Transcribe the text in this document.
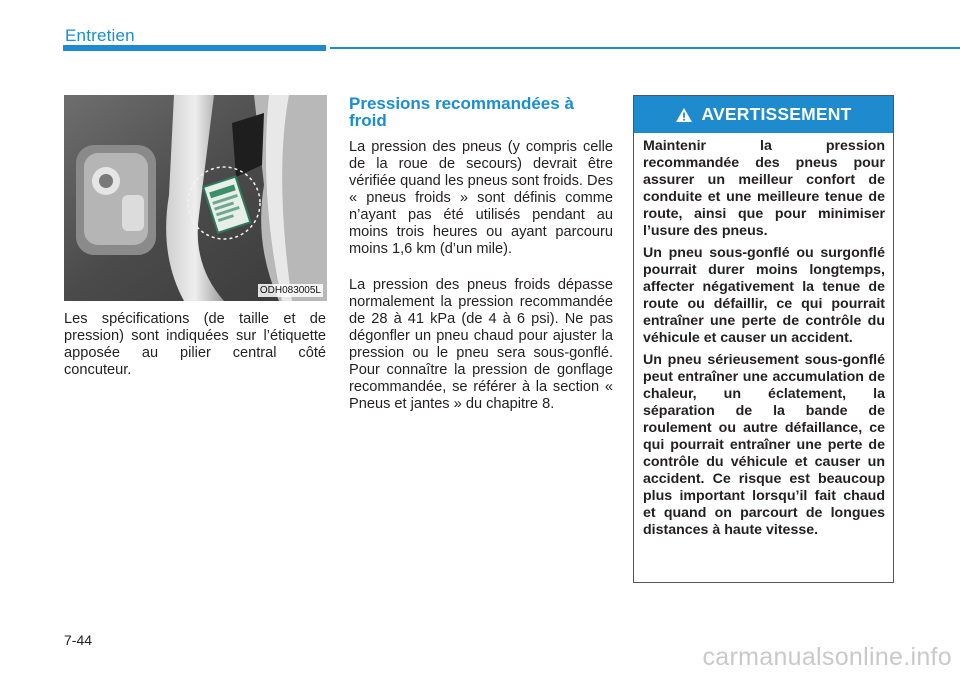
Entretien
ODH083005L

Les spécifications (de taille et de pression) sont indiquées sur l’étiquette apposée au pilier central côté concuteur.

Pressions recommandées à froid

La pression des pneus (y compris celle de la roue de secours) devrait être vérifiée quand les pneus sont froids. Des « pneus froids » sont définis comme n’ayant pas été utilisés pendant au moins trois heures ou ayant parcouru moins 1,6 km (d’un mile).

La pression des pneus froids dépasse normalement la pression recommandée de 28 à 41 kPa (de 4 à 6 psi). Ne pas dégonfler un pneu chaud pour ajuster la pression ou le pneu sera sous-gonflé. Pour connaître la pression de gonflage recommandée, se référer à la section « Pneus et jantes » du chapitre 8.

AVERTISSEMENT

Maintenir la pression recommandée des pneus pour assurer un meilleur confort de conduite et une meilleure tenue de route, ainsi que pour minimiser l’usure des pneus.

Un pneu sous-gonflé ou surgonflé pourrait durer moins longtemps, affecter négativement la tenue de route ou défaillir, ce qui pourrait entraîner une perte de contrôle du véhicule et causer un accident.

Un pneu sérieusement sous-gonflé peut entraîner une accumulation de chaleur, un éclatement, la séparation de la bande de roulement ou autre défaillance, ce qui pourrait entraîner une perte de contrôle du véhicule et causer un accident. Ce risque est beaucoup plus important lorsqu’il fait chaud et quand on parcourt de longues distances à haute vitesse.

7-44
carmanualsonline.info
